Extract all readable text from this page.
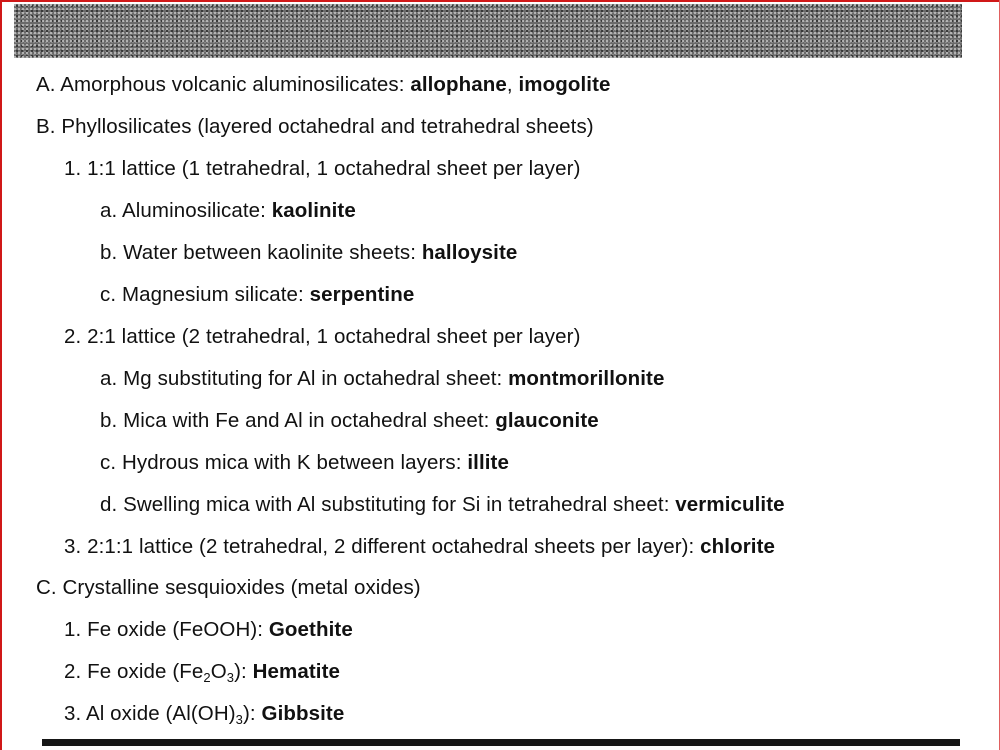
A. Amorphous volcanic aluminosilicates: allophane, imogolite
B. Phyllosilicates (layered octahedral and tetrahedral sheets)
1. 1:1 lattice (1 tetrahedral, 1 octahedral sheet per layer)
a. Aluminosilicate: kaolinite
b. Water between kaolinite sheets: halloysite
c. Magnesium silicate: serpentine
2. 2:1 lattice (2 tetrahedral, 1 octahedral sheet per layer)
a. Mg substituting for Al in octahedral sheet: montmorillonite
b. Mica with Fe and Al in octahedral sheet: glauconite
c. Hydrous mica with K between layers: illite
d. Swelling mica with Al substituting for Si in tetrahedral sheet: vermiculite
3. 2:1:1 lattice (2 tetrahedral, 2 different octahedral sheets per layer): chlorite
C. Crystalline sesquioxides (metal oxides)
1. Fe oxide (FeOOH): Goethite
2. Fe oxide $(Fe_2O_3)$: Hematite
3. Al oxide $(Al(OH)_3)$: Gibbsite
